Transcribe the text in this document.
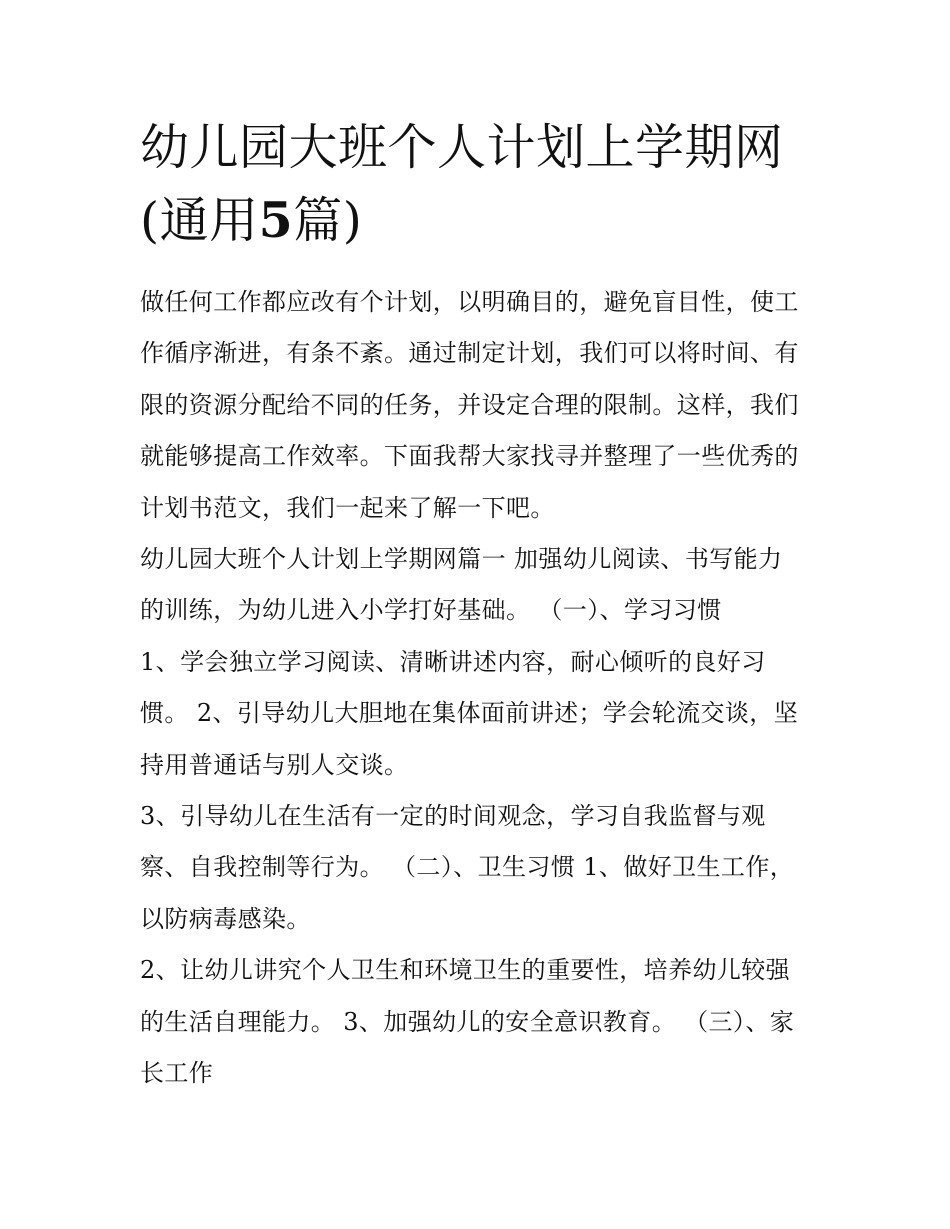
幼儿园大班个人计划上学期网
(通用5篇)
做任何工作都应改有个计划，以明确目的，避免盲目性，使工
作循序渐进，有条不紊。通过制定计划，我们可以将时间、有
限的资源分配给不同的任务，并设定合理的限制。这样，我们
就能够提高工作效率。下面我帮大家找寻并整理了一些优秀的
计划书范文，我们一起来了解一下吧。
幼儿园大班个人计划上学期网篇一 加强幼儿阅读、书写能力
的训练，为幼儿进入小学打好基础。 （一）、学习习惯
1、学会独立学习阅读、清晰讲述内容，耐心倾听的良好习
惯。 2、引导幼儿大胆地在集体面前讲述；学会轮流交谈，坚
持用普通话与别人交谈。
3、引导幼儿在生活有一定的时间观念，学习自我监督与观
察、自我控制等行为。 （二）、卫生习惯 1、做好卫生工作，
以防病毒感染。
2、让幼儿讲究个人卫生和环境卫生的重要性，培养幼儿较强
的生活自理能力。 3、加强幼儿的安全意识教育。 （三）、家
长工作
